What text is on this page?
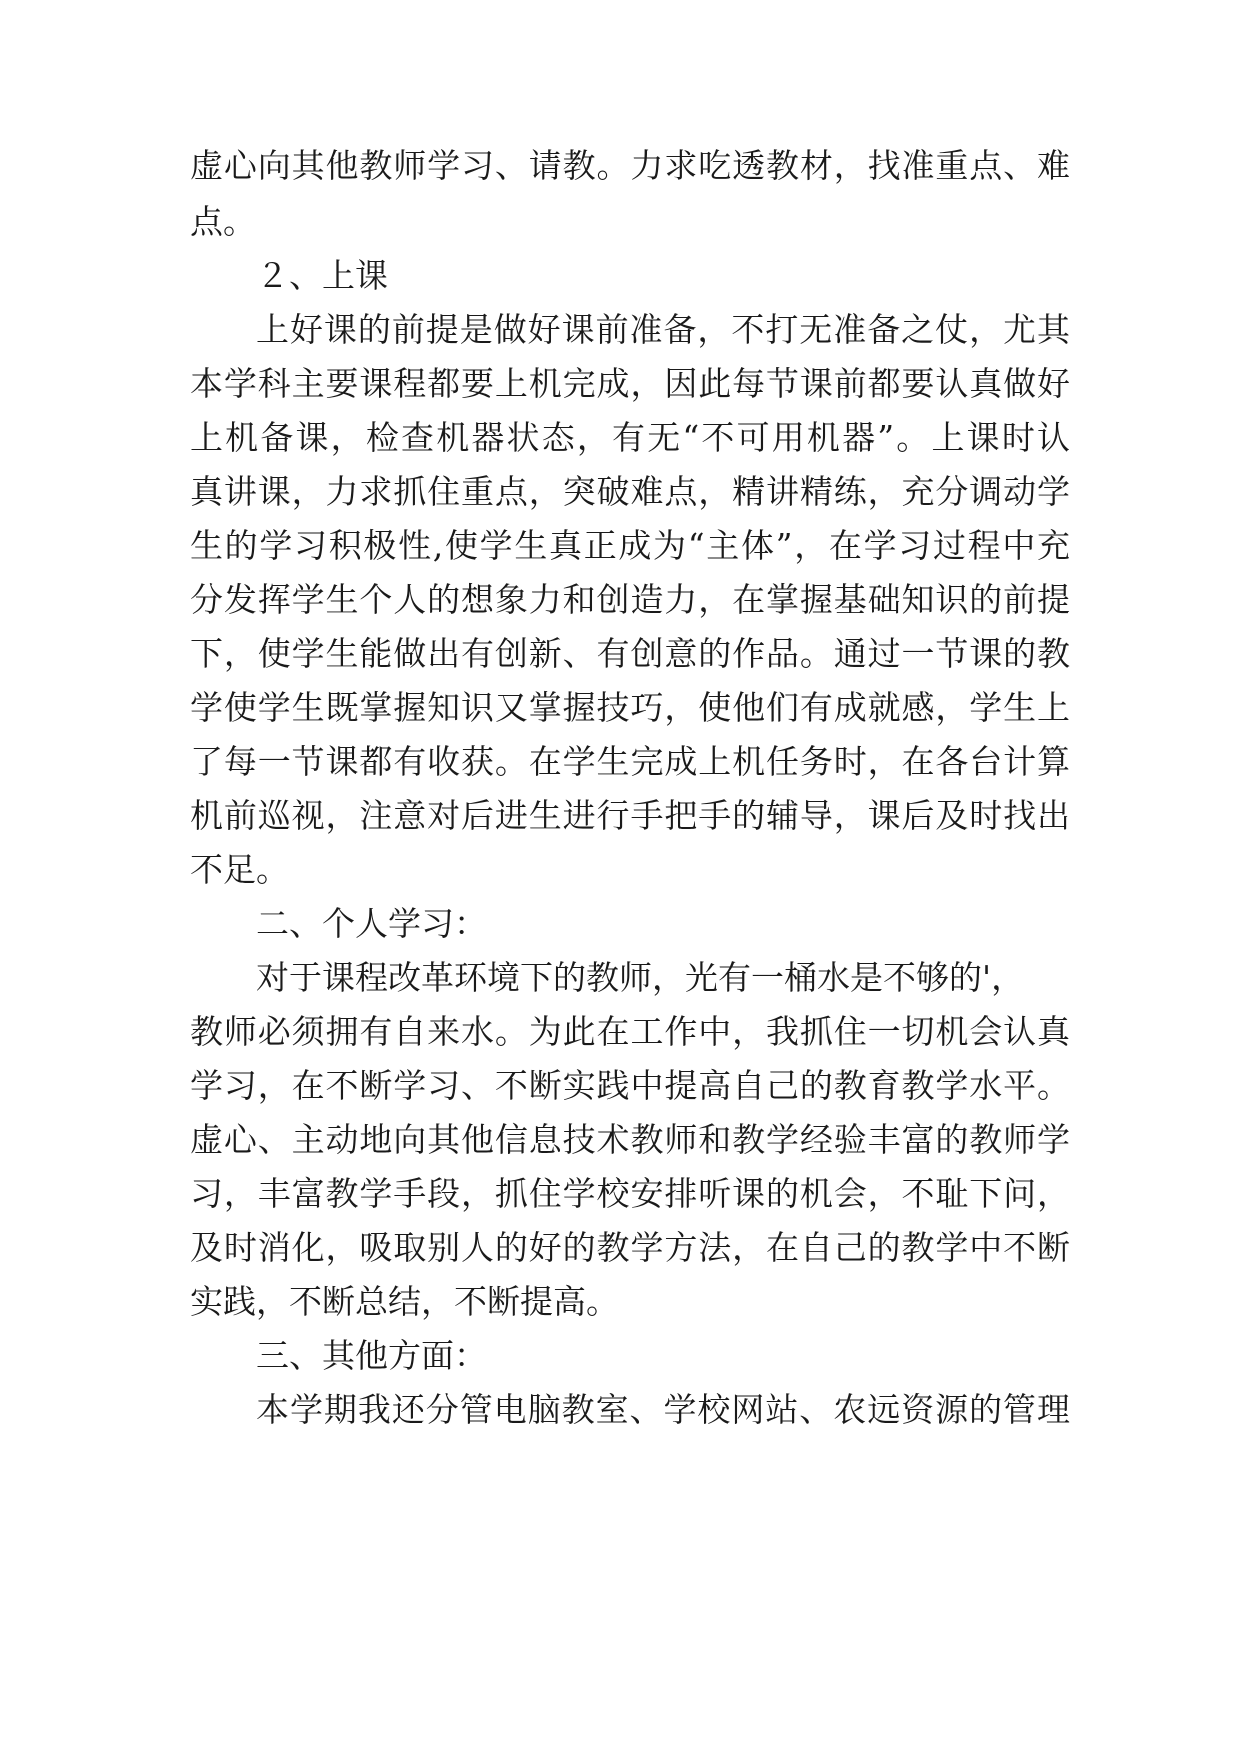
虚心向其他教师学习、请教。力求吃透教材，找准重点、难

点。

２、上课

上好课的前提是做好课前准备，不打无准备之仗，尤其

本学科主要课程都要上机完成，因此每节课前都要认真做好

上机备课，检查机器状态，有无“不可用机器”。上课时认

真讲课，力求抓住重点，突破难点，精讲精练，充分调动学

生的学习积极性,使学生真正成为“主体”，在学习过程中充

分发挥学生个人的想象力和创造力，在掌握基础知识的前提

下，使学生能做出有创新、有创意的作品。通过一节课的教

学使学生既掌握知识又掌握技巧，使他们有成就感，学生上

了每一节课都有收获。在学生完成上机任务时，在各台计算

机前巡视，注意对后进生进行手把手的辅导，课后及时找出

不足。

二、个人学习：

对于课程改革环境下的教师，光有一桶水是不够的'，

教师必须拥有自来水。为此在工作中，我抓住一切机会认真

学习，在不断学习、不断实践中提高自己的教育教学水平。

虚心、主动地向其他信息技术教师和教学经验丰富的教师学

习，丰富教学手段，抓住学校安排听课的机会，不耻下问，

及时消化，吸取别人的好的教学方法，在自己的教学中不断

实践，不断总结，不断提高。

三、其他方面：

本学期我还分管电脑教室、学校网站、农远资源的管理
